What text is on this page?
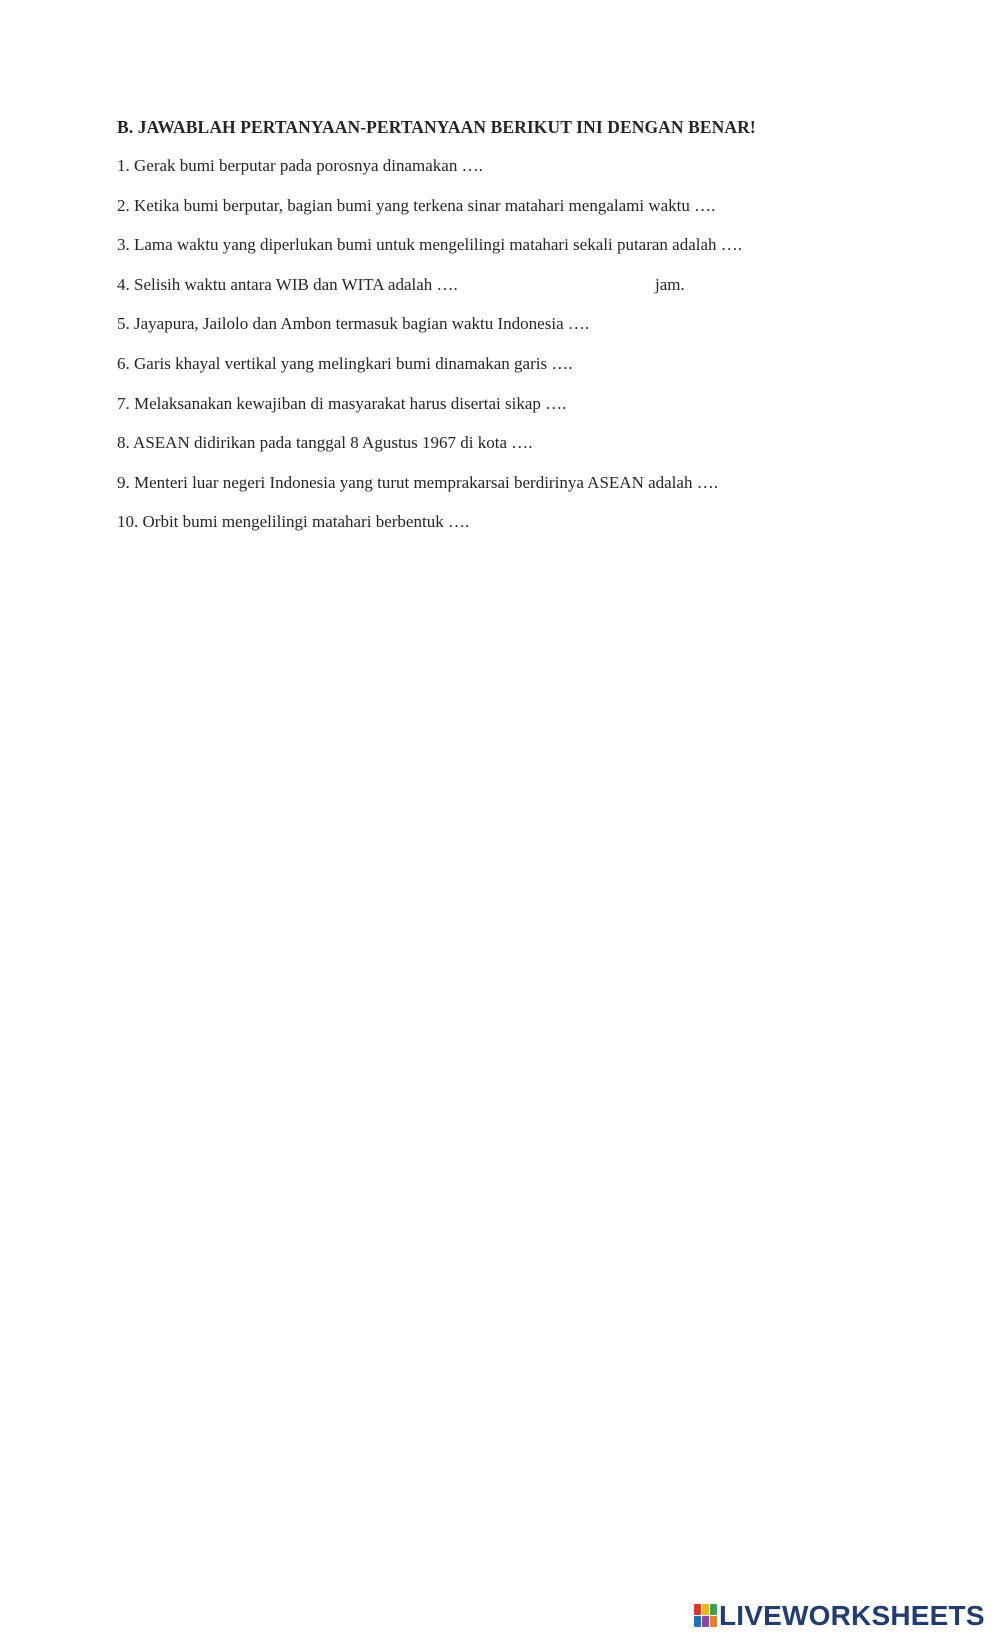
B. JAWABLAH PERTANYAAN-PERTANYAAN BERIKUT INI DENGAN BENAR!
1. Gerak bumi berputar pada porosnya dinamakan ….
2. Ketika bumi berputar, bagian bumi yang terkena sinar matahari mengalami waktu ….
3. Lama waktu yang diperlukan bumi untuk mengelilingi matahari sekali putaran adalah ….
4. Selisih waktu antara WIB dan WITA adalah ….	jam.
5. Jayapura, Jailolo dan Ambon termasuk bagian waktu Indonesia ….
6. Garis khayal vertikal yang melingkari bumi dinamakan garis ….
7. Melaksanakan kewajiban di masyarakat harus disertai sikap ….
8. ASEAN didirikan pada tanggal 8 Agustus 1967 di kota ….
9. Menteri luar negeri Indonesia yang turut memprakarsai berdirinya ASEAN adalah ….
10. Orbit bumi mengelilingi matahari berbentuk ….
LIVEWORKSHEETS
